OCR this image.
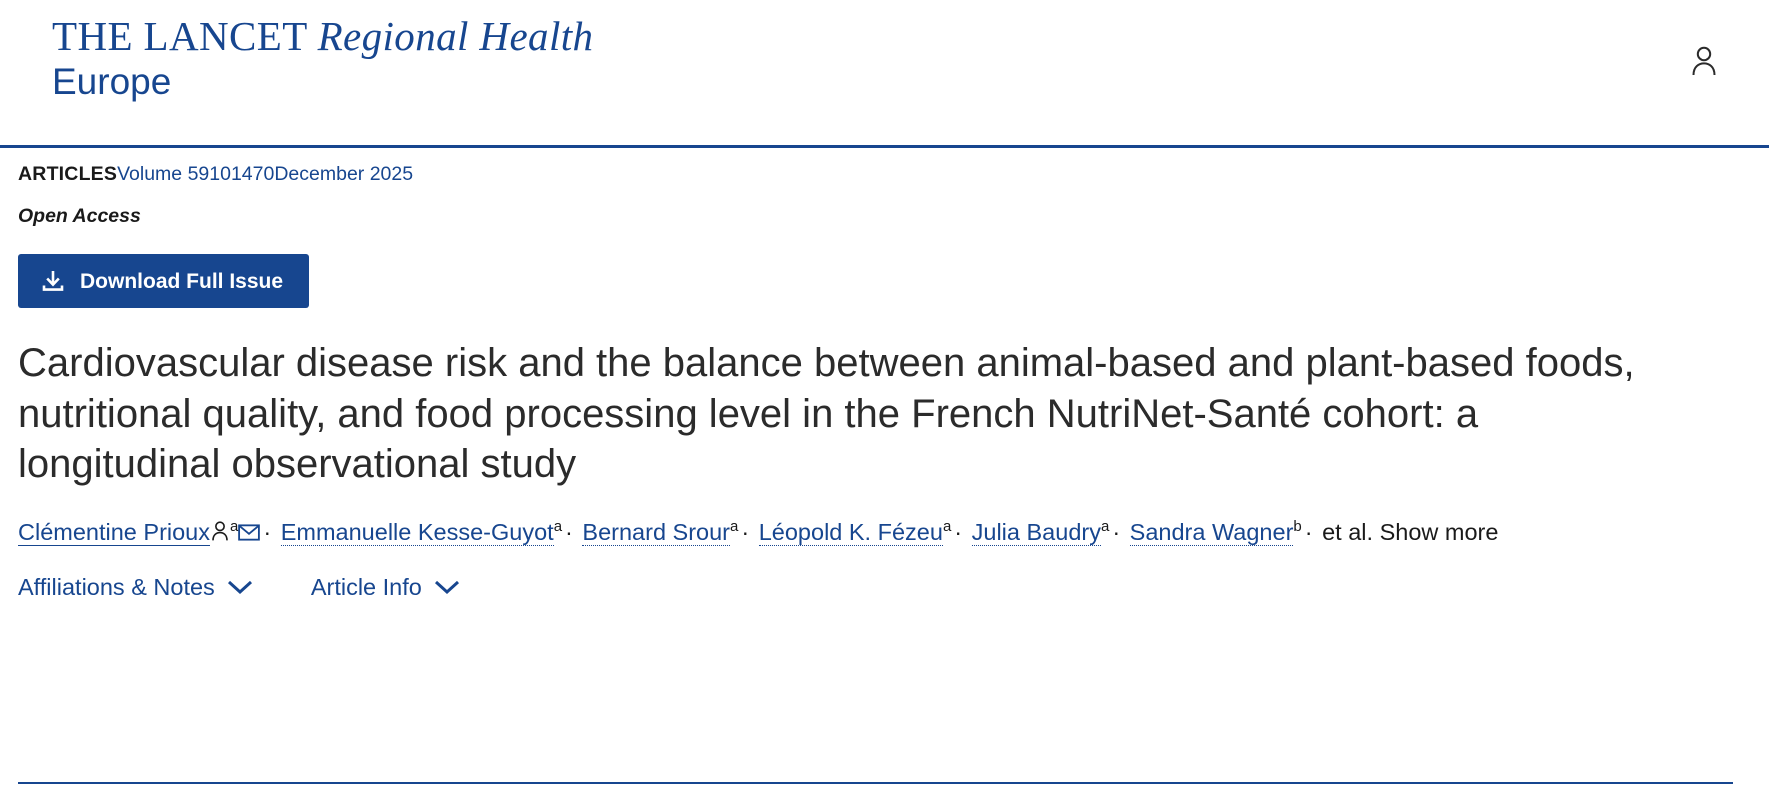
THE LANCET Regional Health
Europe
ARTICLESVolume 59101470December 2025
Open Access
Download Full Issue
Cardiovascular disease risk and the balance between animal-based and plant-based foods, nutritional quality, and food processing level in the French NutriNet-Santé cohort: a longitudinal observational study
Clémentine Prioux $^a$ · Emmanuelle Kesse-Guyot$^a$ · Bernard Srour$^a$ · Léopold K. Fézeu$^a$ · Julia Baudry$^a$ · Sandra Wagner$^b$ · et al. Show more
Affiliations & Notes	Article Info
